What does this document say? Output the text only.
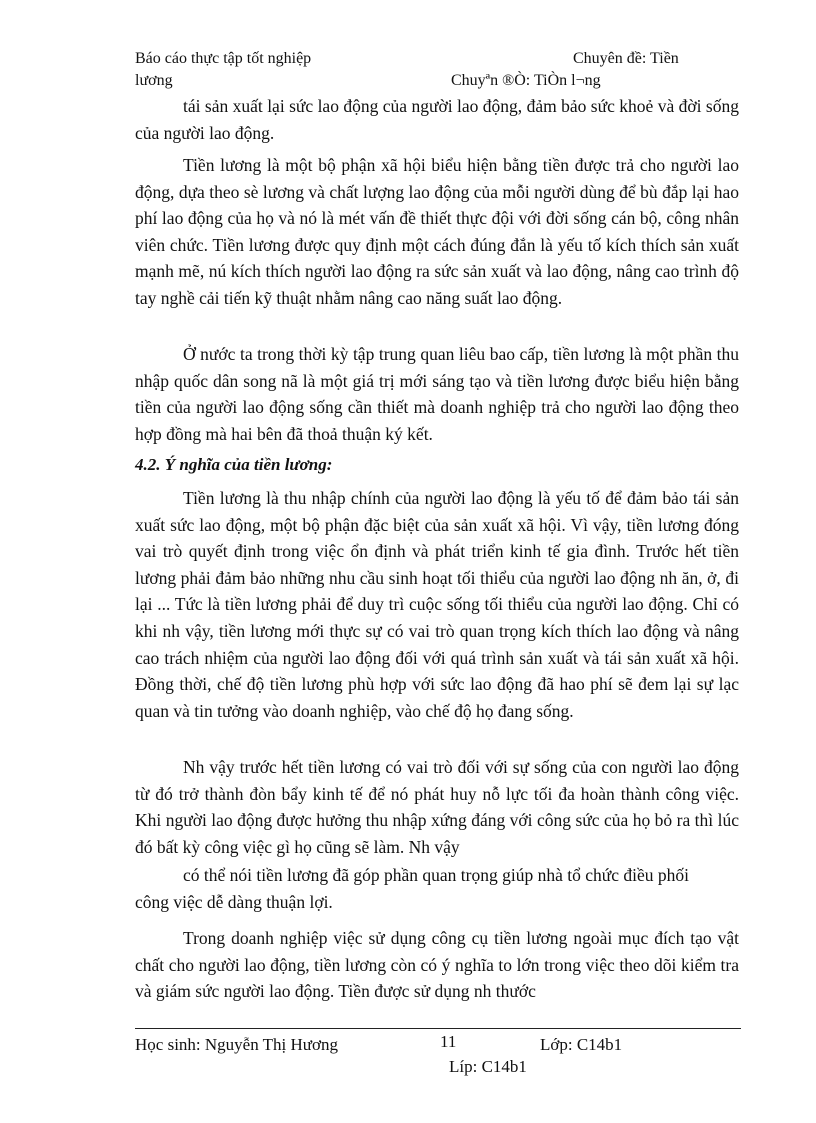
Báo cáo thực tập tốt nghiệp	Chuyên đề: Tiền
lương	Chuyªn ®Ò: TiÒn l¬ng

tái sản xuất lại sức lao động của người lao động, đảm bảo sức khoẻ và đời sống của người lao động.

Tiền lương là một bộ phận xã hội biểu hiện bằng tiền được trả cho người lao động, dựa theo sè lương và chất lượng lao động của mỗi người dùng để bù đắp lại hao phí lao động của họ và nó là mét vấn đề thiết thực đội với đời sống cán bộ, công nhân viên chức. Tiền lương được quy định một cách đúng đắn là yếu tố kích thích sản xuất mạnh mẽ, nú kích thích người lao động ra sức sản xuất và lao động, nâng cao trình độ tay nghề cải tiến kỹ thuật nhằm nâng cao năng suất lao động.

Ở nước ta trong thời kỳ tập trung quan liêu bao cấp, tiền lương là một phần thu nhập quốc dân song nã là một giá trị mới sáng tạo và tiền lương được biểu hiện bằng tiền của người lao động sống cần thiết mà doanh nghiệp trả cho người lao động theo hợp đồng mà hai bên đã thoả thuận ký kết.

4.2. Ý nghĩa của tiền lương:

Tiền lương là thu nhập chính của người lao động là yếu tố để đảm bảo tái sản xuất sức lao động, một bộ phận đặc biệt của sản xuất xã hội. Vì vậy, tiền lương đóng vai trò quyết định trong việc ổn định và phát triển kinh tế gia đình. Trước hết tiền lương phải đảm bảo những nhu cầu sinh hoạt tối thiểu của người lao động nh ăn, ở, đi lại ... Tức là tiền lương phải để duy trì cuộc sống tối thiểu của người lao động. Chỉ có khi nh vậy, tiền lương mới thực sự có vai trò quan trọng kích thích lao động và nâng cao trách nhiệm của người lao động đối với quá trình sản xuất và tái sản xuất xã hội. Đồng thời, chế độ tiền lương phù hợp với sức lao động đã hao phí sẽ đem lại sự lạc quan và tin tưởng vào doanh nghiệp, vào chế độ họ đang sống.

Nh vậy trước hết tiền lương có vai trò đối với sự sống của con người lao động từ đó trở thành đòn bẩy kinh tế để nó phát huy nỗ lực tối đa hoàn thành công việc. Khi người lao động được hưởng thu nhập xứng đáng với công sức của họ bỏ ra thì lúc đó bất kỳ công việc gì họ cũng sẽ làm. Nh vậy

có thể nói tiền lương đã góp phần quan trọng giúp nhà tổ chức điều phối

công việc dễ dàng thuận lợi.

Trong doanh nghiệp việc sử dụng công cụ tiền lương ngoài mục đích tạo vật chất cho người lao động, tiền lương còn có ý nghĩa to lớn trong việc theo dõi kiểm tra và giám sức người lao động. Tiền được sử dụng nh thước

Học sinh: Nguyễn Thị Hương	11	Lớp: C14b1
Líp: C14b1
